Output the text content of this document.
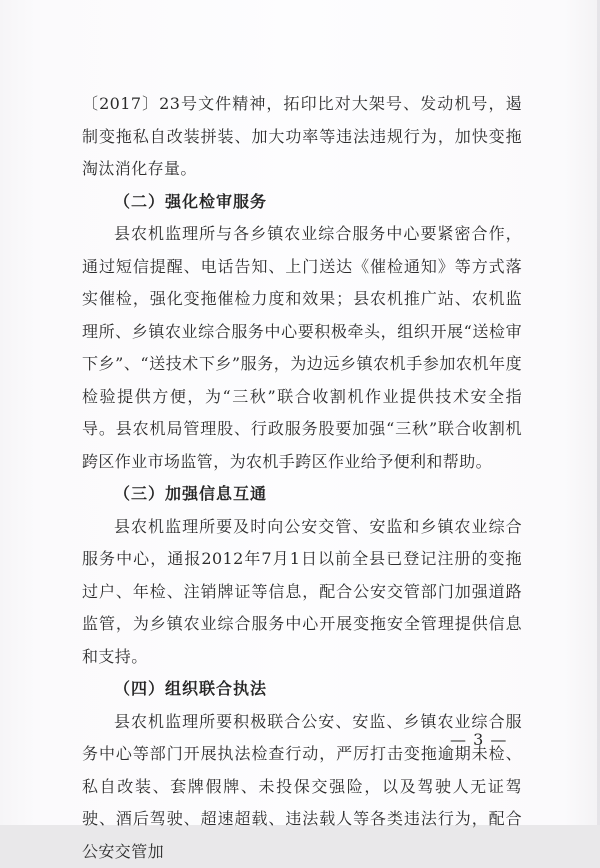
〔2017〕23号文件精神，拓印比对大架号、发动机号，遏制变拖私自改装拼装、加大功率等违法违规行为，加快变拖淘汰消化存量。

（二）强化检审服务

县农机监理所与各乡镇农业综合服务中心要紧密合作，通过短信提醒、电话告知、上门送达《催检通知》等方式落实催检，强化变拖催检力度和效果；县农机推广站、农机监理所、乡镇农业综合服务中心要积极牵头，组织开展“送检审下乡”、“送技术下乡”服务，为边远乡镇农机手参加农机年度检验提供方便，为“三秋”联合收割机作业提供技术安全指导。县农机局管理股、行政服务股要加强“三秋”联合收割机跨区作业市场监管，为农机手跨区作业给予便利和帮助。

（三）加强信息互通

县农机监理所要及时向公安交管、安监和乡镇农业综合服务中心，通报2012年7月1日以前全县已登记注册的变拖过户、年检、注销牌证等信息，配合公安交管部门加强道路监管，为乡镇农业综合服务中心开展变拖安全管理提供信息和支持。

（四）组织联合执法

县农机监理所要积极联合公安、安监、乡镇农业综合服务中心等部门开展执法检查行动，严厉打击变拖逾期未检、私自改装、套牌假牌、未投保交强险，以及驾驶人无证驾驶、酒后驾驶、超速超载、违法载人等各类违法行为，配合公安交管加

— 3 —
